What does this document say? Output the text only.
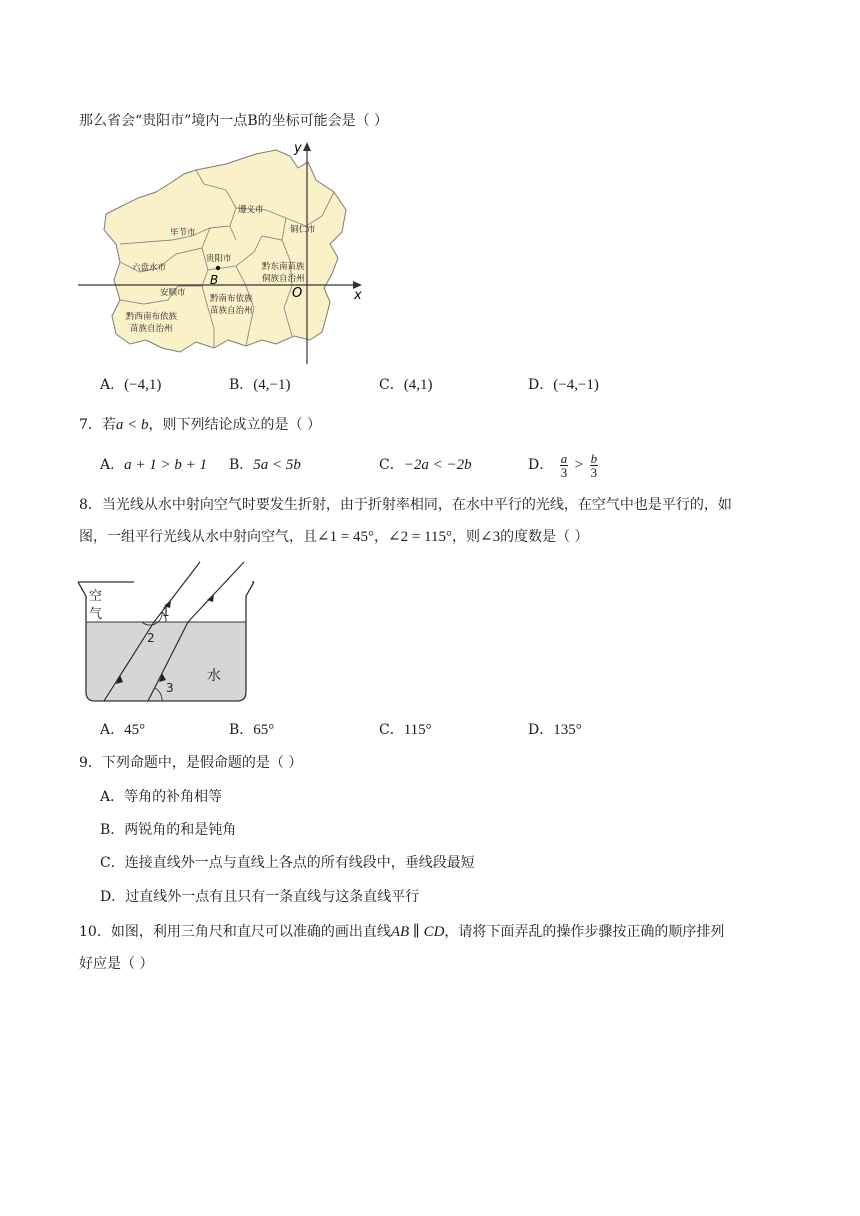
那么省会“贵阳市”境内一点B的坐标可能会是（ ）
y
x
O
B
遵义市
毕节市	铜仁市
六盘水市
贵阳市
黔东南苗族
侗族自治州
安顺市
黔南布依族
苗族自治州
黔西南布依族
苗族自治州
A．(−4,1)	B．(4,−1)	C．(4,1)	D．(−4,−1)
7．若a < b，则下列结论成立的是（ ）
A．a + 1 > b + 1 B．5a < 5b	C．−2a < −2b	D． $\frac{a}{3} > \frac{b}{3}$
8．当光线从水中射向空气时要发生折射，由于折射率相同，在水中平行的光线，在空气中也是平行的，如
图，一组平行光线从水中射向空气，且∠1 = 45°，∠2 = 115°，则∠3的度数是（ ）
空
气
水
1
2
3
A．45°	B．65°	C．115°	D．135°
9．下列命题中，是假命题的是（ ）
A．等角的补角相等
B．两锐角的和是钝角
C．连接直线外一点与直线上各点的所有线段中，垂线段最短
D．过直线外一点有且只有一条直线与这条直线平行
10．如图，利用三角尺和直尺可以准确的画出直线AB ∥ CD，请将下面弄乱的操作步骤按正确的顺序排列
好应是（ ）
